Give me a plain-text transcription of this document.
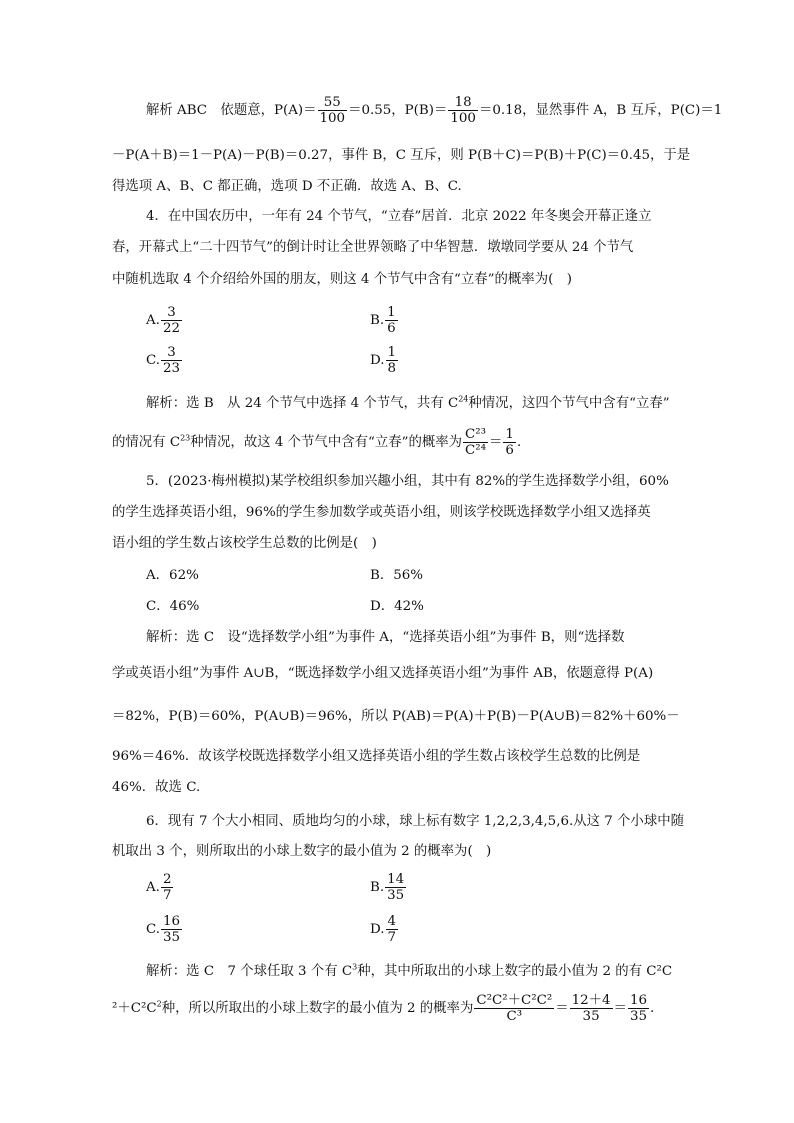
解析 ABC　依题意，$P(A)= \frac{55}{100} =0.55$，$P(B)= \frac{18}{100} =0.18$，显然事件 A，B 互斥，P(C)＝1
－P(A＋B)＝1－P(A)－P(B)＝0.27，事件 B，C 互斥，则 P(B＋C)＝P(B)＋P(C)＝0.45，于是
得选项 A、B、C 都正确，选项 D 不正确．故选 A、B、C.
4．在中国农历中，一年有 24 个节气，“立春”居首．北京 2022 年冬奥会开幕正逢立
春，开幕式上“二十四节气”的倒计时让全世界领略了中华智慧．墩墩同学要从 24 个节气
中随机选取 4 个介绍给外国的朋友，则这 4 个节气中含有“立春”的概率为(　)
A. $\frac{3}{22}$	B. $\frac{1}{6}$
C. $\frac{3}{23}$	D. $\frac{1}{8}$
解析：选 B　从 24 个节气中选择 4 个节气，共有 $C^{24}$种情况，这四个节气中含有“立春”
的情况有 $C^{23}$种情况，故这 4 个节气中含有“立春”的概率为 $\frac{\text{C²³}}{\text{C²⁴}} = \frac{1}{6}$ .
5．(2023·梅州模拟)某学校组织参加兴趣小组，其中有 82%的学生选择数学小组，60%
的学生选择英语小组，96%的学生参加数学或英语小组，则该学校既选择数学小组又选择英
语小组的学生数占该校学生总数的比例是(　)
A．62%	B．56%
C．46%	D．42%
解析：选 C　设“选择数学小组”为事件 A，“选择英语小组”为事件 B，则“选择数
学或英语小组”为事件 A∪B，“既选择数学小组又选择英语小组”为事件 AB，依题意得 P(A)
＝82%，P(B)＝60%，P(A∪B)＝96%，所以 P(AB)＝P(A)＋P(B)－P(A∪B)＝82%＋60%－
96%＝46%．故该学校既选择数学小组又选择英语小组的学生数占该校学生总数的比例是
46%．故选 C.
6．现有 7 个大小相同、质地均匀的小球，球上标有数字 1,2,2,3,4,5,6.从这 7 个小球中随
机取出 3 个，则所取出的小球上数字的最小值为 2 的概率为(　)
A. $\frac{2}{7}$	B. $\frac{14}{35}$
C. $\frac{16}{35}$	D. $\frac{4}{7}$
解析：选 C　7 个球任取 3 个有 $C^3$种，其中所取出的小球上数字的最小值为 2 的有 C²C
$^2+C^2C^2$种，所以所取出的小球上数字的最小值为 2 的概率为 $\frac{\text{C²C²＋C²C²}}{\text{C³}} = \frac{12+4}{35} = \frac{16}{35}$ .
